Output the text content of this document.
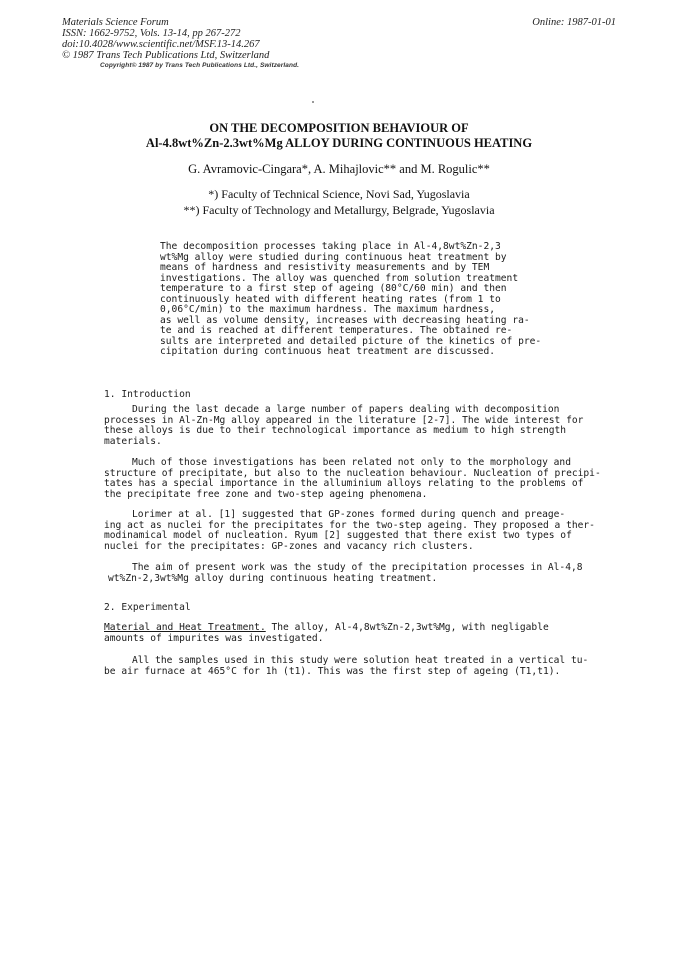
Materials Science Forum
ISSN: 1662-9752, Vols. 13-14, pp 267-272
doi:10.4028/www.scientific.net/MSF.13-14.267
© 1987 Trans Tech Publications Ltd, Switzerland
Online: 1987-01-01
Copyright© 1987 by Trans Tech Publications Ltd., Switzerland.
ON THE DECOMPOSITION BEHAVIOUR OF
Al-4.8wt%Zn-2.3wt%Mg ALLOY DURING CONTINUOUS HEATING
G. Avramovic-Cingara*, A. Mihajlovic** and M. Rogulic**
*) Faculty of Technical Science, Novi Sad, Yugoslavia
**) Faculty of Technology and Metallurgy, Belgrade, Yugoslavia
The decomposition processes taking place in Al-4,8wt%Zn-2,3
wt%Mg alloy were studied during continuous heat treatment by
means of hardness and resistivity measurements and by TEM
investigations. The alloy was quenched from solution treatment
temperature to a first step of ageing (80°C/60 min) and then
continuously heated with different heating rates (from 1 to
0,06°C/min) to the maximum hardness. The maximum hardness,
as well as volume density, increases with decreasing heating ra-
te and is reached at different temperatures. The obtained re-
sults are interpreted and detailed picture of the kinetics of pre-
cipitation during continuous heat treatment are discussed.
1. Introduction
During the last decade a large number of papers dealing with decomposition
processes in Al-Zn-Mg alloy appeared in the literature [2-7]. The wide interest for
these alloys is due to their technological importance as medium to high strength
materials.
Much of those investigations has been related not only to the morphology and
structure of precipitate, but also to the nucleation behaviour. Nucleation of precipi-
tates has a special importance in the alluminium alloys relating to the problems of
the precipitate free zone and two-step ageing phenomena.
Lorimer at al. [1] suggested that GP-zones formed during quench and preage-
ing act as nuclei for the precipitates for the two-step ageing. They proposed a ther-
modinamical model of nucleation. Ryum [2] suggested that there exist two types of
nuclei for the precipitates: GP-zones and vacancy rich clusters.
The aim of present work was the study of the precipitation processes in Al-4,8
wt%Zn-2,3wt%Mg alloy during continuous heating treatment.
2. Experimental
Material and Heat Treatment. The alloy, Al-4,8wt%Zn-2,3wt%Mg, with negligable
amounts of impurites was investigated.
All the samples used in this study were solution heat treated in a vertical tu-
be air furnace at 465°C for 1h (t1). This was the first step of ageing (T1,t1).
